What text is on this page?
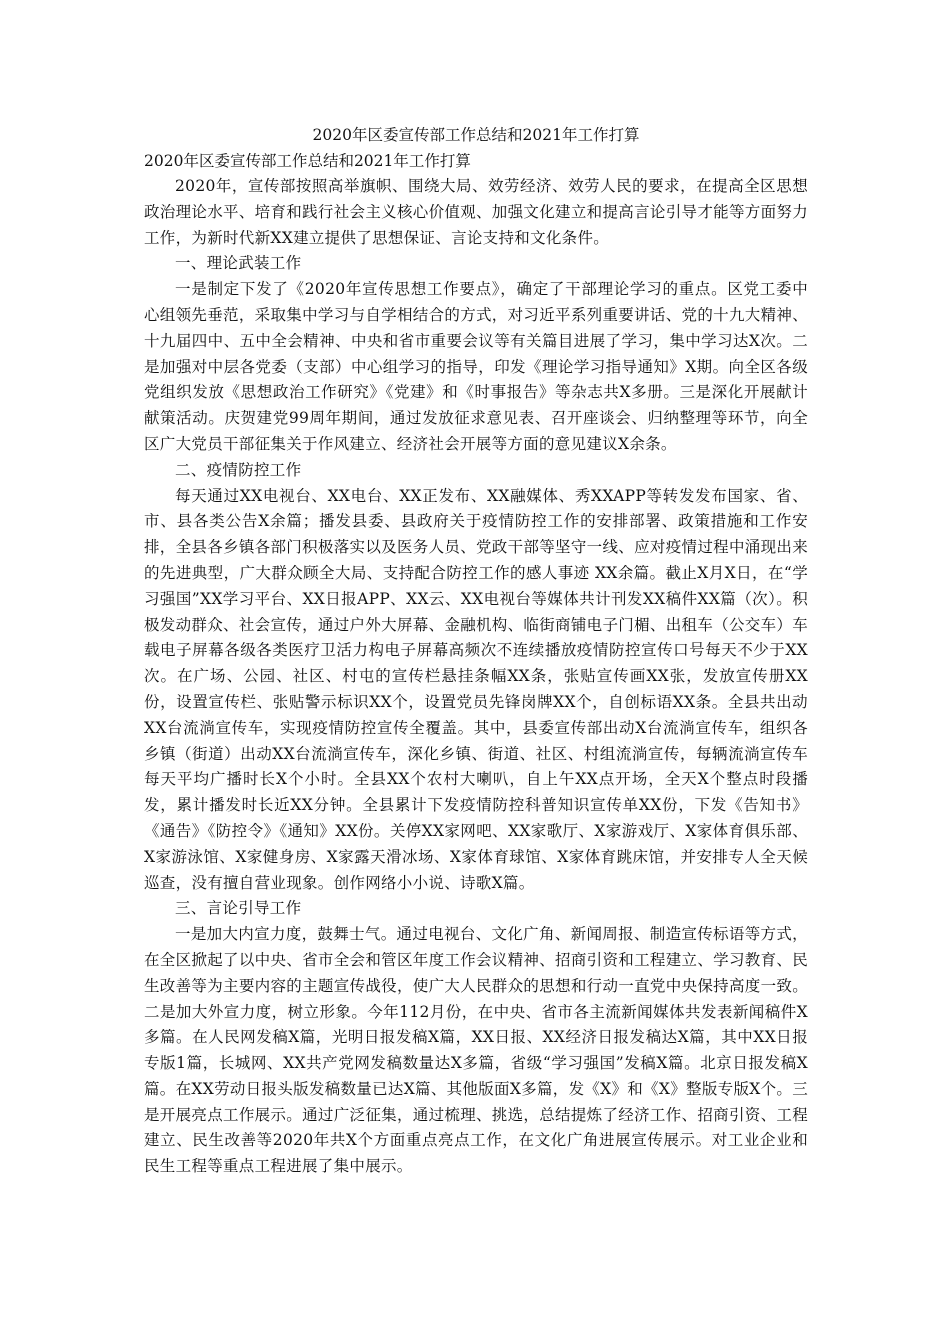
2020年区委宣传部工作总结和2021年工作打算

2020年区委宣传部工作总结和2021年工作打算

2020年，宣传部按照高举旗帜、围绕大局、效劳经济、效劳人民的要求，在提高全区思想政治理论水平、培育和践行社会主义核心价值观、加强文化建立和提高言论引导才能等方面努力工作，为新时代新XX建立提供了思想保证、言论支持和文化条件。

一、理论武装工作

一是制定下发了《2020年宣传思想工作要点》，确定了干部理论学习的重点。区党工委中心组领先垂范，采取集中学习与自学相结合的方式，对习近平系列重要讲话、党的十九大精神、十九届四中、五中全会精神、中央和省市重要会议等有关篇目进展了学习，集中学习达X次。二是加强对中层各党委（支部）中心组学习的指导，印发《理论学习指导通知》X期。向全区各级党组织发放《思想政治工作研究》《党建》和《时事报告》等杂志共X多册。三是深化开展献计献策活动。庆贺建党99周年期间，通过发放征求意见表、召开座谈会、归纳整理等环节，向全区广大党员干部征集关于作风建立、经济社会开展等方面的意见建议X余条。

二、疫情防控工作

每天通过XX电视台、XX电台、XX正发布、XX融媒体、秀XXAPP等转发发布国家、省、市、县各类公告X余篇；播发县委、县政府关于疫情防控工作的安排部署、政策措施和工作安排，全县各乡镇各部门积极落实以及医务人员、党政干部等坚守一线、应对疫情过程中涌现出来的先进典型，广大群众顾全大局、支持配合防控工作的感人事迹 XX余篇。截止X月X日，在“学习强国”XX学习平台、XX日报APP、XX云、XX电视台等媒体共计刊发XX稿件XX篇（次）。积极发动群众、社会宣传，通过户外大屏幕、金融机构、临街商铺电子门楣、出租车（公交车）车载电子屏幕各级各类医疗卫活力构电子屏幕高频次不连续播放疫情防控宣传口号每天不少于XX次。在广场、公园、社区、村屯的宣传栏悬挂条幅XX条，张贴宣传画XX张，发放宣传册XX份，设置宣传栏、张贴警示标识XX个，设置党员先锋岗牌XX个，自创标语XX条。全县共出动XX台流淌宣传车，实现疫情防控宣传全覆盖。其中，县委宣传部出动X台流淌宣传车，组织各乡镇（街道）出动XX台流淌宣传车，深化乡镇、街道、社区、村组流淌宣传，每辆流淌宣传车每天平均广播时长X个小时。全县XX个农村大喇叭，自上午XX点开场，全天X个整点时段播发，累计播发时长近XX分钟。全县累计下发疫情防控科普知识宣传单XX份，下发《告知书》《通告》《防控令》《通知》XX份。关停XX家网吧、XX家歌厅、X家游戏厅、X家体育俱乐部、X家游泳馆、X家健身房、X家露天滑冰场、X家体育球馆、X家体育跳床馆，并安排专人全天候巡查，没有擅自营业现象。创作网络小小说、诗歌X篇。

三、言论引导工作

一是加大内宣力度，鼓舞士气。通过电视台、文化广角、新闻周报、制造宣传标语等方式，在全区掀起了以中央、省市全会和管区年度工作会议精神、招商引资和工程建立、学习教育、民生改善等为主要内容的主题宣传战役，使广大人民群众的思想和行动一直党中央保持高度一致。二是加大外宣力度，树立形象。今年112月份，在中央、省市各主流新闻媒体共发表新闻稿件X多篇。在人民网发稿X篇，光明日报发稿X篇，XX日报、XX经济日报发稿达X篇，其中XX日报专版1篇，长城网、XX共产党网发稿数量达X多篇，省级“学习强国”发稿X篇。北京日报发稿X篇。在XX劳动日报头版发稿数量已达X篇、其他版面X多篇，发《X》和《X》整版专版X个。三是开展亮点工作展示。通过广泛征集，通过梳理、挑选，总结提炼了经济工作、招商引资、工程建立、民生改善等2020年共X个方面重点亮点工作，在文化广角进展宣传展示。对工业企业和民生工程等重点工程进展了集中展示。
